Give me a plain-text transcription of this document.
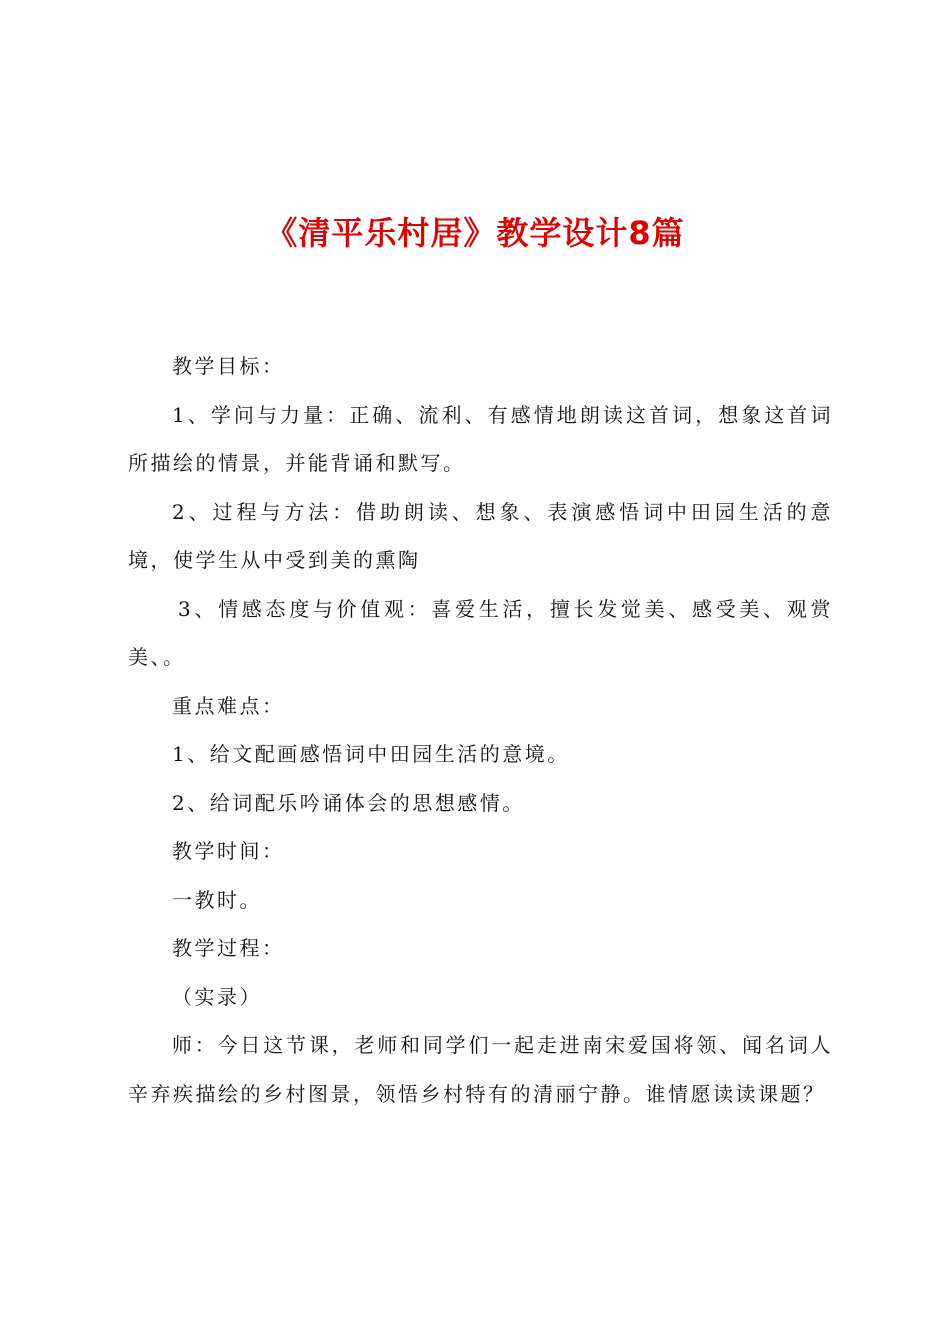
《清平乐村居》教学设计8篇

教学目标：

1、学问与力量：正确、流利、有感情地朗读这首词，想象这首词所描绘的情景，并能背诵和默写。

2、过程与方法：借助朗读、想象、表演感悟词中田园生活的意境，使学生从中受到美的熏陶

3、情感态度与价值观：喜爱生活，擅长发觉美、感受美、观赏美、。

重点难点：

1、给文配画感悟词中田园生活的意境。

2、给词配乐吟诵体会的思想感情。

教学时间：

一教时。

教学过程：

（实录）

师：今日这节课，老师和同学们一起走进南宋爱国将领、闻名词人辛弃疾描绘的乡村图景，领悟乡村特有的清丽宁静。谁情愿读读课题？
